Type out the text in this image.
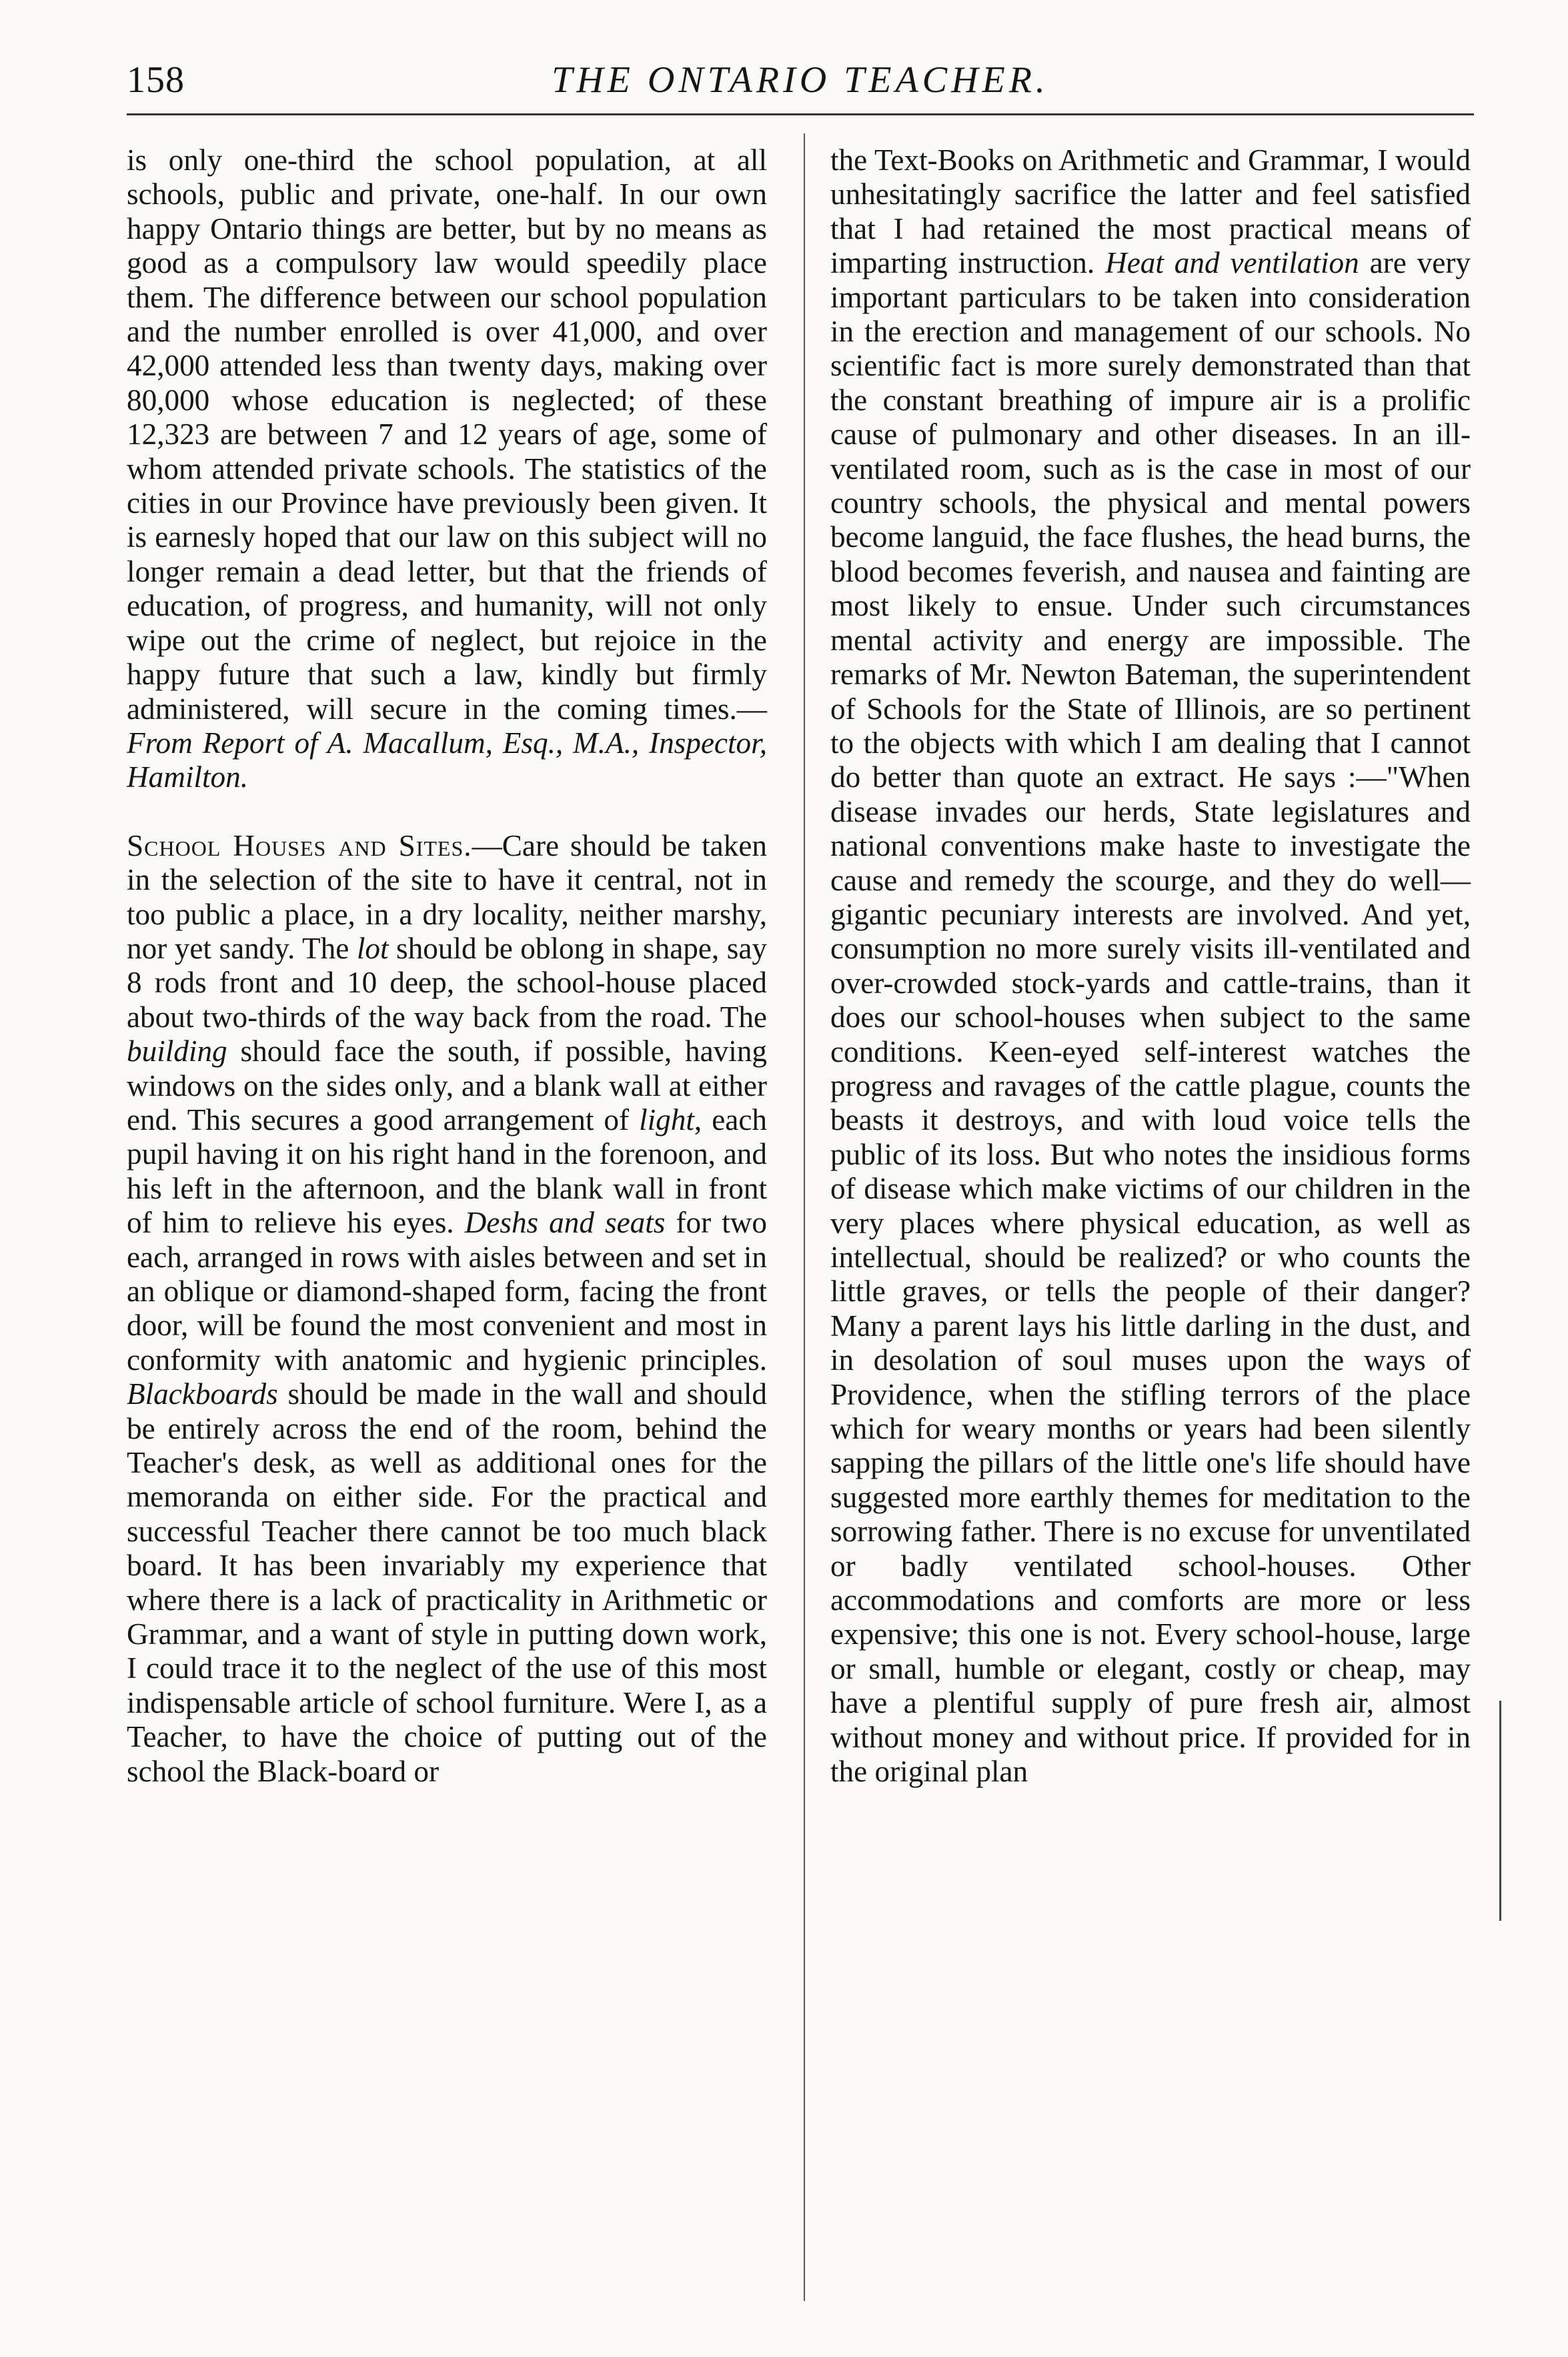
158	THE ONTARIO TEACHER.

is only one-third the school population, at all schools, public and private, one-half. In our own happy Ontario things are better, but by no means as good as a compulsory law would speedily place them. The difference between our school population and the number enrolled is over 41,000, and over 42,000 attended less than twenty days, making over 80,000 whose education is neglected; of these 12,323 are between 7 and 12 years of age, some of whom attended private schools. The statistics of the cities in our Province have previously been given. It is earnesly hoped that our law on this subject will no longer remain a dead letter, but that the friends of education, of progress, and humanity, will not only wipe out the crime of neglect, but rejoice in the happy future that such a law, kindly but firmly administered, will secure in the coming times.—From Report of A. Macallum, Esq., M.A., Inspector, Hamilton.

School Houses and Sites.—Care should be taken in the selection of the site to have it central, not in too public a place, in a dry locality, neither marshy, nor yet sandy. The lot should be oblong in shape, say 8 rods front and 10 deep, the school-house placed about two-thirds of the way back from the road. The building should face the south, if possible, having windows on the sides only, and a blank wall at either end. This secures a good arrangement of light, each pupil having it on his right hand in the forenoon, and his left in the afternoon, and the blank wall in front of him to relieve his eyes. Deshs and seats for two each, arranged in rows with aisles between and set in an oblique or diamond-shaped form, facing the front door, will be found the most convenient and most in conformity with anatomic and hygienic principles. Blackboards should be made in the wall and should be entirely across the end of the room, behind the Teacher's desk, as well as additional ones for the memoranda on either side. For the practical and successful Teacher there cannot be too much black board. It has been invariably my experience that where there is a lack of practicality in Arithmetic or Grammar, and a want of style in putting down work, I could trace it to the neglect of the use of this most indispensable article of school furniture. Were I, as a Teacher, to have the choice of putting out of the school the Black-board or

the Text-Books on Arithmetic and Grammar, I would unhesitatingly sacrifice the latter and feel satisfied that I had retained the most practical means of imparting instruction. Heat and ventilation are very important particulars to be taken into consideration in the erection and management of our schools. No scientific fact is more surely demonstrated than that the constant breathing of impure air is a prolific cause of pulmonary and other diseases. In an ill-ventilated room, such as is the case in most of our country schools, the physical and mental powers become languid, the face flushes, the head burns, the blood becomes feverish, and nausea and fainting are most likely to ensue. Under such circumstances mental activity and energy are impossible. The remarks of Mr. Newton Bateman, the superintendent of Schools for the State of Illinois, are so pertinent to the objects with which I am dealing that I cannot do better than quote an extract. He says :—"When disease invades our herds, State legislatures and national conventions make haste to investigate the cause and remedy the scourge, and they do well—gigantic pecuniary interests are involved. And yet, consumption no more surely visits ill-ventilated and over-crowded stock-yards and cattle-trains, than it does our school-houses when subject to the same conditions. Keen-eyed self-interest watches the progress and ravages of the cattle plague, counts the beasts it destroys, and with loud voice tells the public of its loss. But who notes the insidious forms of disease which make victims of our children in the very places where physical education, as well as intellectual, should be realized? or who counts the little graves, or tells the people of their danger? Many a parent lays his little darling in the dust, and in desolation of soul muses upon the ways of Providence, when the stifling terrors of the place which for weary months or years had been silently sapping the pillars of the little one's life should have suggested more earthly themes for meditation to the sorrowing father. There is no excuse for unventilated or badly ventilated school-houses. Other accommodations and comforts are more or less expensive; this one is not. Every school-house, large or small, humble or elegant, costly or cheap, may have a plentiful supply of pure fresh air, almost without money and without price. If provided for in the original plan
